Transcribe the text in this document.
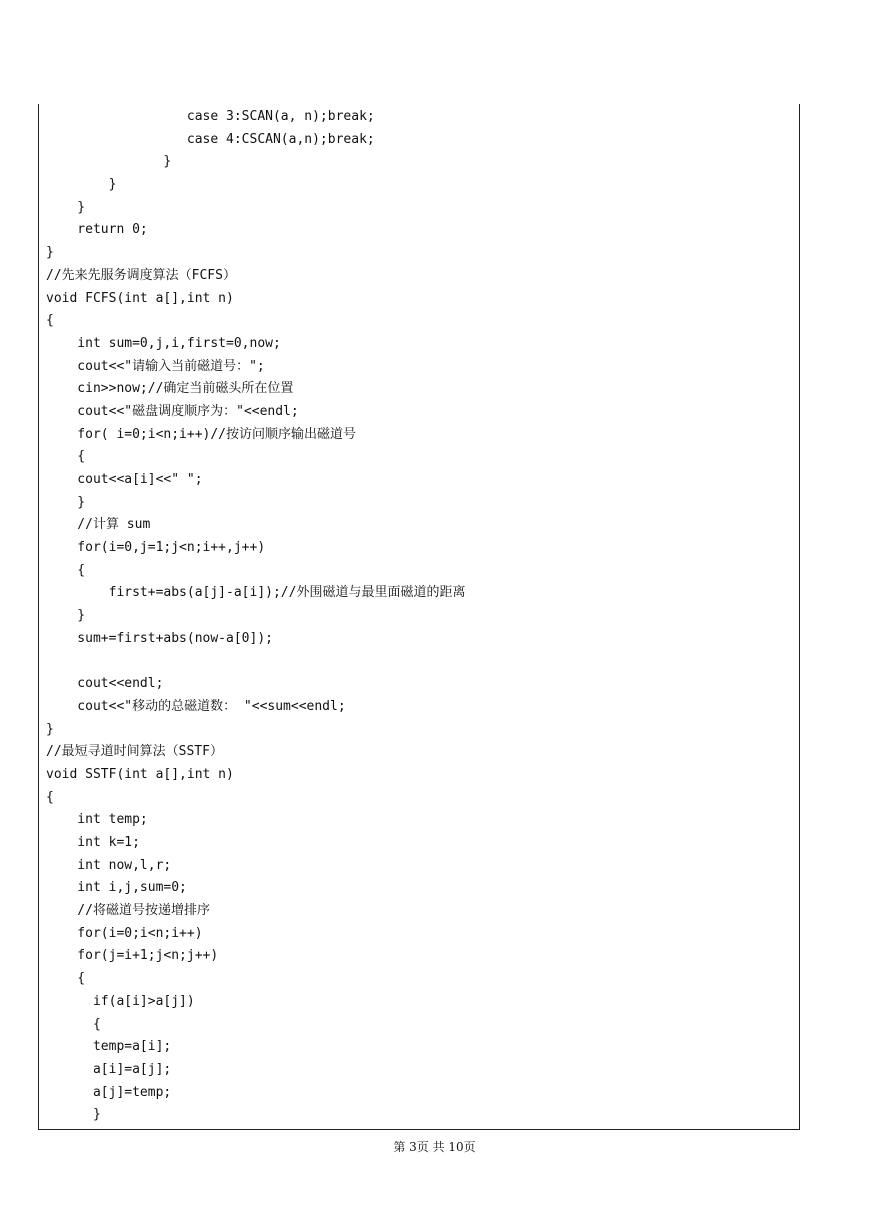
case 3:SCAN(a, n);break;
case 4:CSCAN(a,n);break;
}
}
}
return 0;
}
//先来先服务调度算法（FCFS）
void FCFS(int a[],int n)
{
int sum=0,j,i,first=0,now;
cout<<"请输入当前磁道号：";
cin>>now;//确定当前磁头所在位置
cout<<"磁盘调度顺序为："<<endl;
for( i=0;i<n;i++)//按访问顺序输出磁道号
{
cout<<a[i]<<" ";
}
//计算 sum
for(i=0,j=1;j<n;i++,j++)
{
first+=abs(a[j]-a[i]);//外围磁道与最里面磁道的距离
}
sum+=first+abs(now-a[0]);
cout<<endl;
cout<<"移动的总磁道数： "<<sum<<endl;
}
//最短寻道时间算法（SSTF）
void SSTF(int a[],int n)
{
int temp;
int k=1;
int now,l,r;
int i,j,sum=0;
//将磁道号按递增排序
for(i=0;i<n;i++)
for(j=i+1;j<n;j++)
{
if(a[i]>a[j])
{
temp=a[i];
a[i]=a[j];
a[j]=temp;
}
第 3页 共 10页
